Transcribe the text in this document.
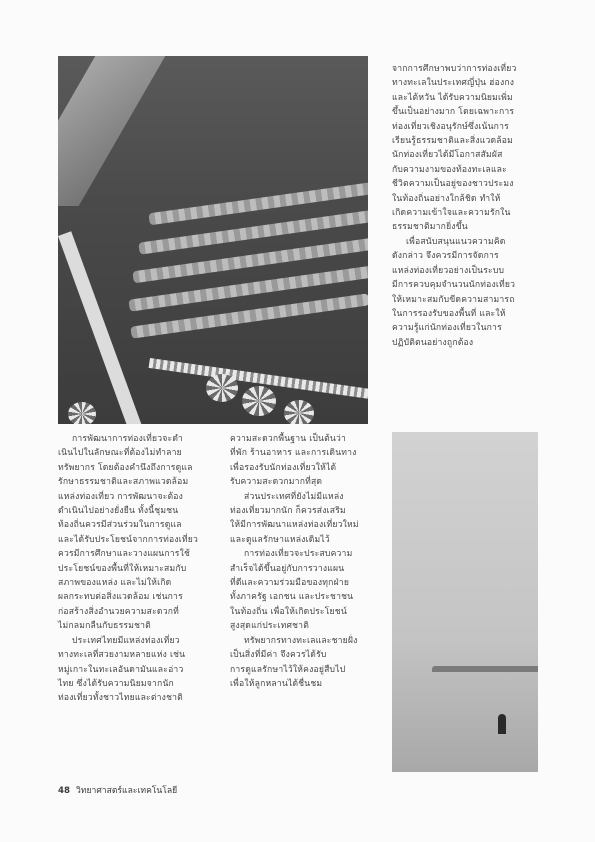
จากการศึกษาพบว่าการท่องเที่ยว

ทางทะเลในประเทศญี่ปุ่น ฮ่องกง

และไต้หวัน ได้รับความนิยมเพิ่ม

ขึ้นเป็นอย่างมาก โดยเฉพาะการ

ท่องเที่ยวเชิงอนุรักษ์ซึ่งเน้นการ

เรียนรู้ธรรมชาติและสิ่งแวดล้อม

นักท่องเที่ยวได้มีโอกาสสัมผัส

กับความงามของท้องทะเลและ

ชีวิตความเป็นอยู่ของชาวประมง

ในท้องถิ่นอย่างใกล้ชิด ทำให้

เกิดความเข้าใจและความรักใน

ธรรมชาติมากยิ่งขึ้น

เพื่อสนับสนุนแนวความคิด

ดังกล่าว จึงควรมีการจัดการ

แหล่งท่องเที่ยวอย่างเป็นระบบ

มีการควบคุมจำนวนนักท่องเที่ยว

ให้เหมาะสมกับขีดความสามารถ

ในการรองรับของพื้นที่ และให้

ความรู้แก่นักท่องเที่ยวในการ

ปฏิบัติตนอย่างถูกต้อง

การพัฒนาการท่องเที่ยวจะดำ

เนินไปในลักษณะที่ต้องไม่ทำลาย

ทรัพยากร โดยต้องคำนึงถึงการดูแล

รักษาธรรมชาติและสภาพแวดล้อม

แหล่งท่องเที่ยว การพัฒนาจะต้อง

ดำเนินไปอย่างยั่งยืน ทั้งนี้ชุมชน

ท้องถิ่นควรมีส่วนร่วมในการดูแล

และได้รับประโยชน์จากการท่องเที่ยว

ควรมีการศึกษาและวางแผนการใช้

ประโยชน์ของพื้นที่ให้เหมาะสมกับ

สภาพของแหล่ง และไม่ให้เกิด

ผลกระทบต่อสิ่งแวดล้อม เช่นการ

ก่อสร้างสิ่งอำนวยความสะดวกที่

ไม่กลมกลืนกับธรรมชาติ

ประเทศไทยมีแหล่งท่องเที่ยว

ทางทะเลที่สวยงามหลายแห่ง เช่น

หมู่เกาะในทะเลอันดามันและอ่าว

ไทย ซึ่งได้รับความนิยมจากนัก

ท่องเที่ยวทั้งชาวไทยและต่างชาติ

ความสะดวกพื้นฐาน เป็นต้นว่า

ที่พัก ร้านอาหาร และการเดินทาง

เพื่อรองรับนักท่องเที่ยวให้ได้

รับความสะดวกมากที่สุด

ส่วนประเทศที่ยังไม่มีแหล่ง

ท่องเที่ยวมากนัก ก็ควรส่งเสริม

ให้มีการพัฒนาแหล่งท่องเที่ยวใหม่

และดูแลรักษาแหล่งเดิมไว้

การท่องเที่ยวจะประสบความ

สำเร็จได้ขึ้นอยู่กับการวางแผน

ที่ดีและความร่วมมือของทุกฝ่าย

ทั้งภาครัฐ เอกชน และประชาชน

ในท้องถิ่น เพื่อให้เกิดประโยชน์

สูงสุดแก่ประเทศชาติ

ทรัพยากรทางทะเลและชายฝั่ง

เป็นสิ่งที่มีค่า จึงควรได้รับ

การดูแลรักษาไว้ให้คงอยู่สืบไป

เพื่อให้ลูกหลานได้ชื่นชม

48 วิทยาศาสตร์และเทคโนโลยี
